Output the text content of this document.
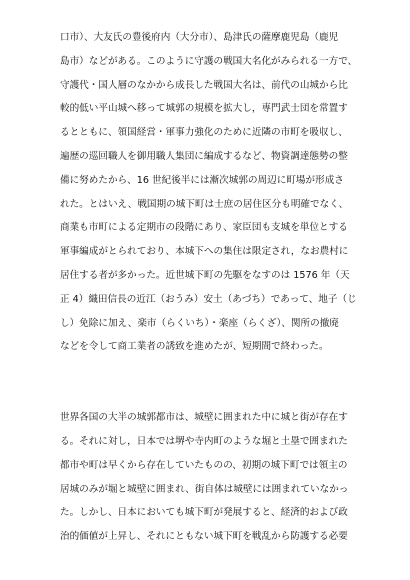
口市）、大友氏の豊後府内（大分市）、島津氏の薩摩鹿児島（鹿児
島市）などがある。このように守護の戦国大名化がみられる一方で、
守護代・国人層のなかから成長した戦国大名は、前代の山城から比
較的低い平山城へ移って城郭の規模を拡大し，専門武士団を常置す
るとともに、領国経営・軍事力強化のために近隣の市町を吸収し、
遍歴の巡回職人を御用職人集団に編成するなど、物資調達態勢の整
備に努めたから、16 世紀後半には漸次城郭の周辺に町場が形成さ
れた。とはいえ、戦国期の城下町は士庶の居住区分も明確でなく、
商業も市町による定期市の段階にあり、家臣団も支城を単位とする
軍事編成がとられており、本城下への集住は限定され，なお農村に
居住する者が多かった。近世城下町の先駆をなすのは 1576 年（天
正 4）織田信長の近江（おうみ）安土（あづち）であって、地子（じ
し）免除に加え、楽市（らくいち）・楽座（らくざ）、関所の撤廃
などを令して商工業者の誘致を進めたが、短期間で終わった。
世界各国の大半の城郭都市は、城壁に囲まれた中に城と街が存在す
る。それに対し，日本では堺や寺内町のような堀と土塁で囲まれた
都市や町は早くから存在していたものの、初期の城下町では領主の
居城のみが堀と城壁に囲まれ、街自体は城壁には囲まれていなかっ
た。しかし、日本においても城下町が発展すると、経済的および政
治的価値が上昇し、それにともない城下町を戦乱から防護する必要
